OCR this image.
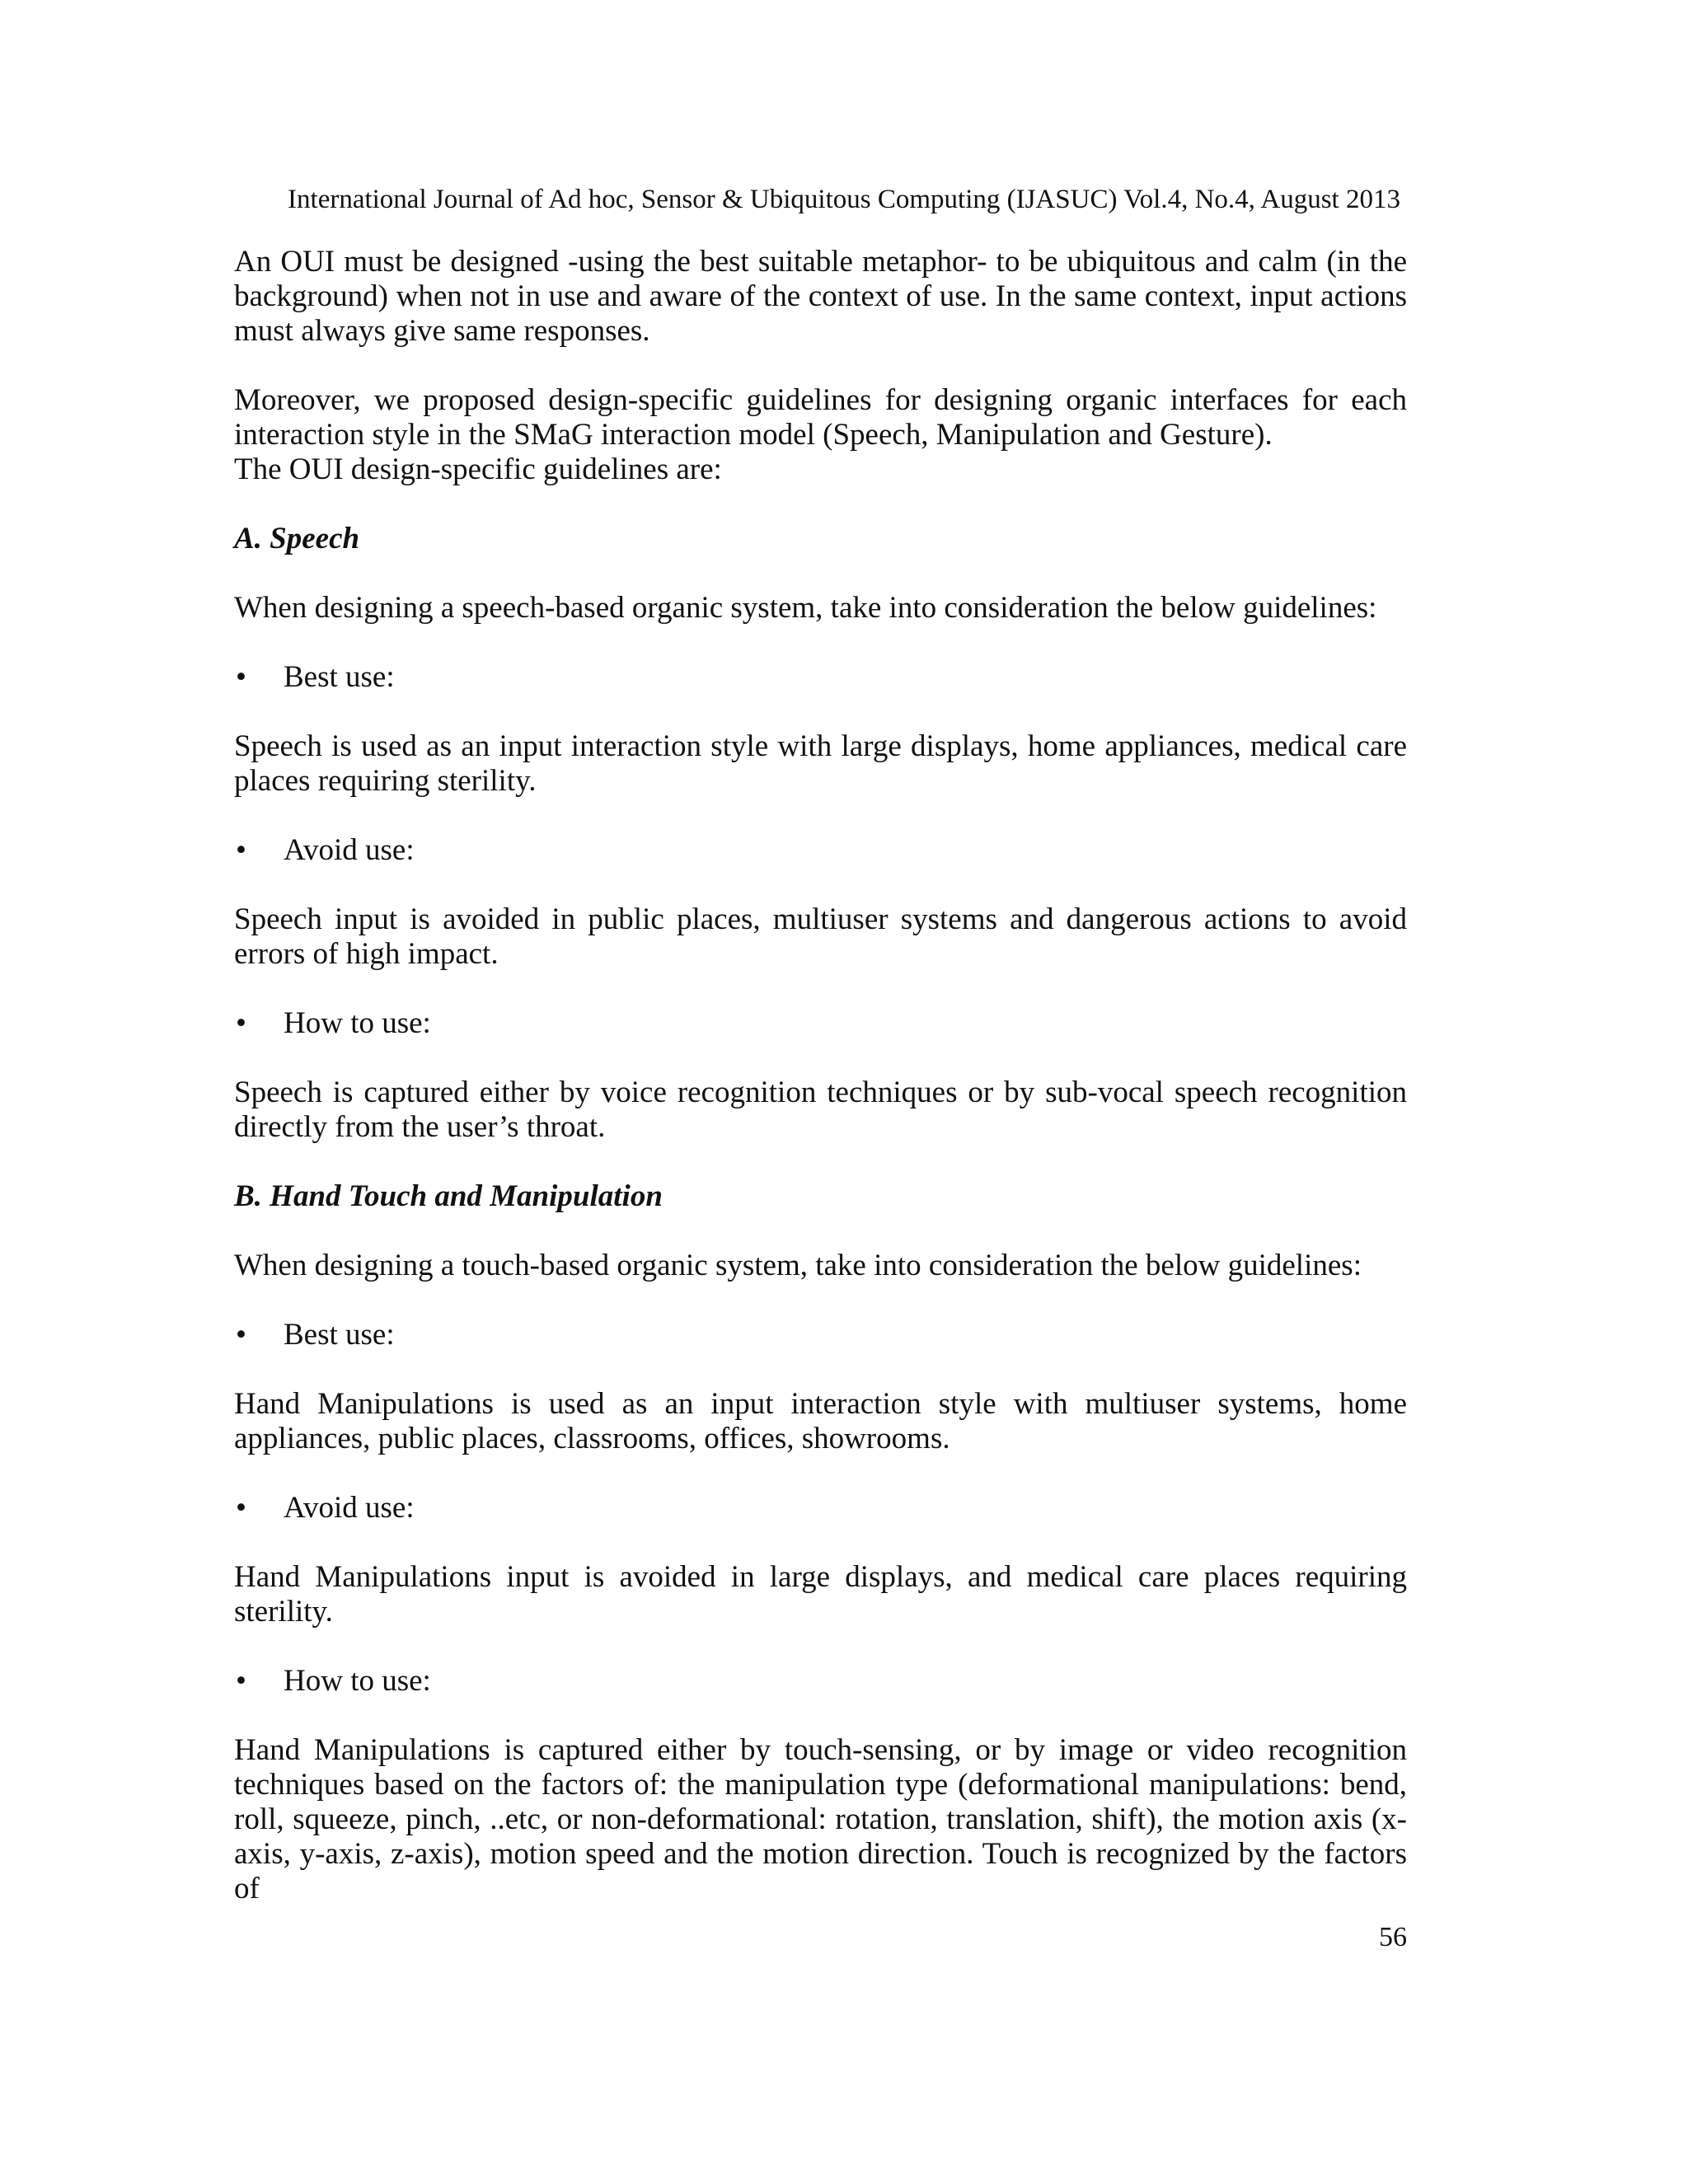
International Journal of Ad hoc, Sensor & Ubiquitous Computing (IJASUC) Vol.4, No.4, August 2013

An OUI must be designed -using the best suitable metaphor- to be ubiquitous and calm (in the background) when not in use and aware of the context of use. In the same context, input actions must always give same responses.

Moreover, we proposed design-specific guidelines for designing organic interfaces for each interaction style in the SMaG interaction model (Speech, Manipulation and Gesture).

The OUI design-specific guidelines are:

A. Speech

When designing a speech-based organic system, take into consideration the below guidelines:

• Best use:

Speech is used as an input interaction style with large displays, home appliances, medical care places requiring sterility.

• Avoid use:

Speech input is avoided in public places, multiuser systems and dangerous actions to avoid errors of high impact.

• How to use:

Speech is captured either by voice recognition techniques or by sub-vocal speech recognition directly from the user’s throat.

B. Hand Touch and Manipulation

When designing a touch-based organic system, take into consideration the below guidelines:

• Best use:

Hand Manipulations is used as an input interaction style with multiuser systems, home appliances, public places, classrooms, offices, showrooms.

• Avoid use:

Hand Manipulations input is avoided in large displays, and medical care places requiring sterility.

• How to use:

Hand Manipulations is captured either by touch-sensing, or by image or video recognition techniques based on the factors of: the manipulation type (deformational manipulations: bend, roll, squeeze, pinch, ..etc, or non-deformational: rotation, translation, shift), the motion axis (x-axis, y-axis, z-axis), motion speed and the motion direction. Touch is recognized by the factors of

56
